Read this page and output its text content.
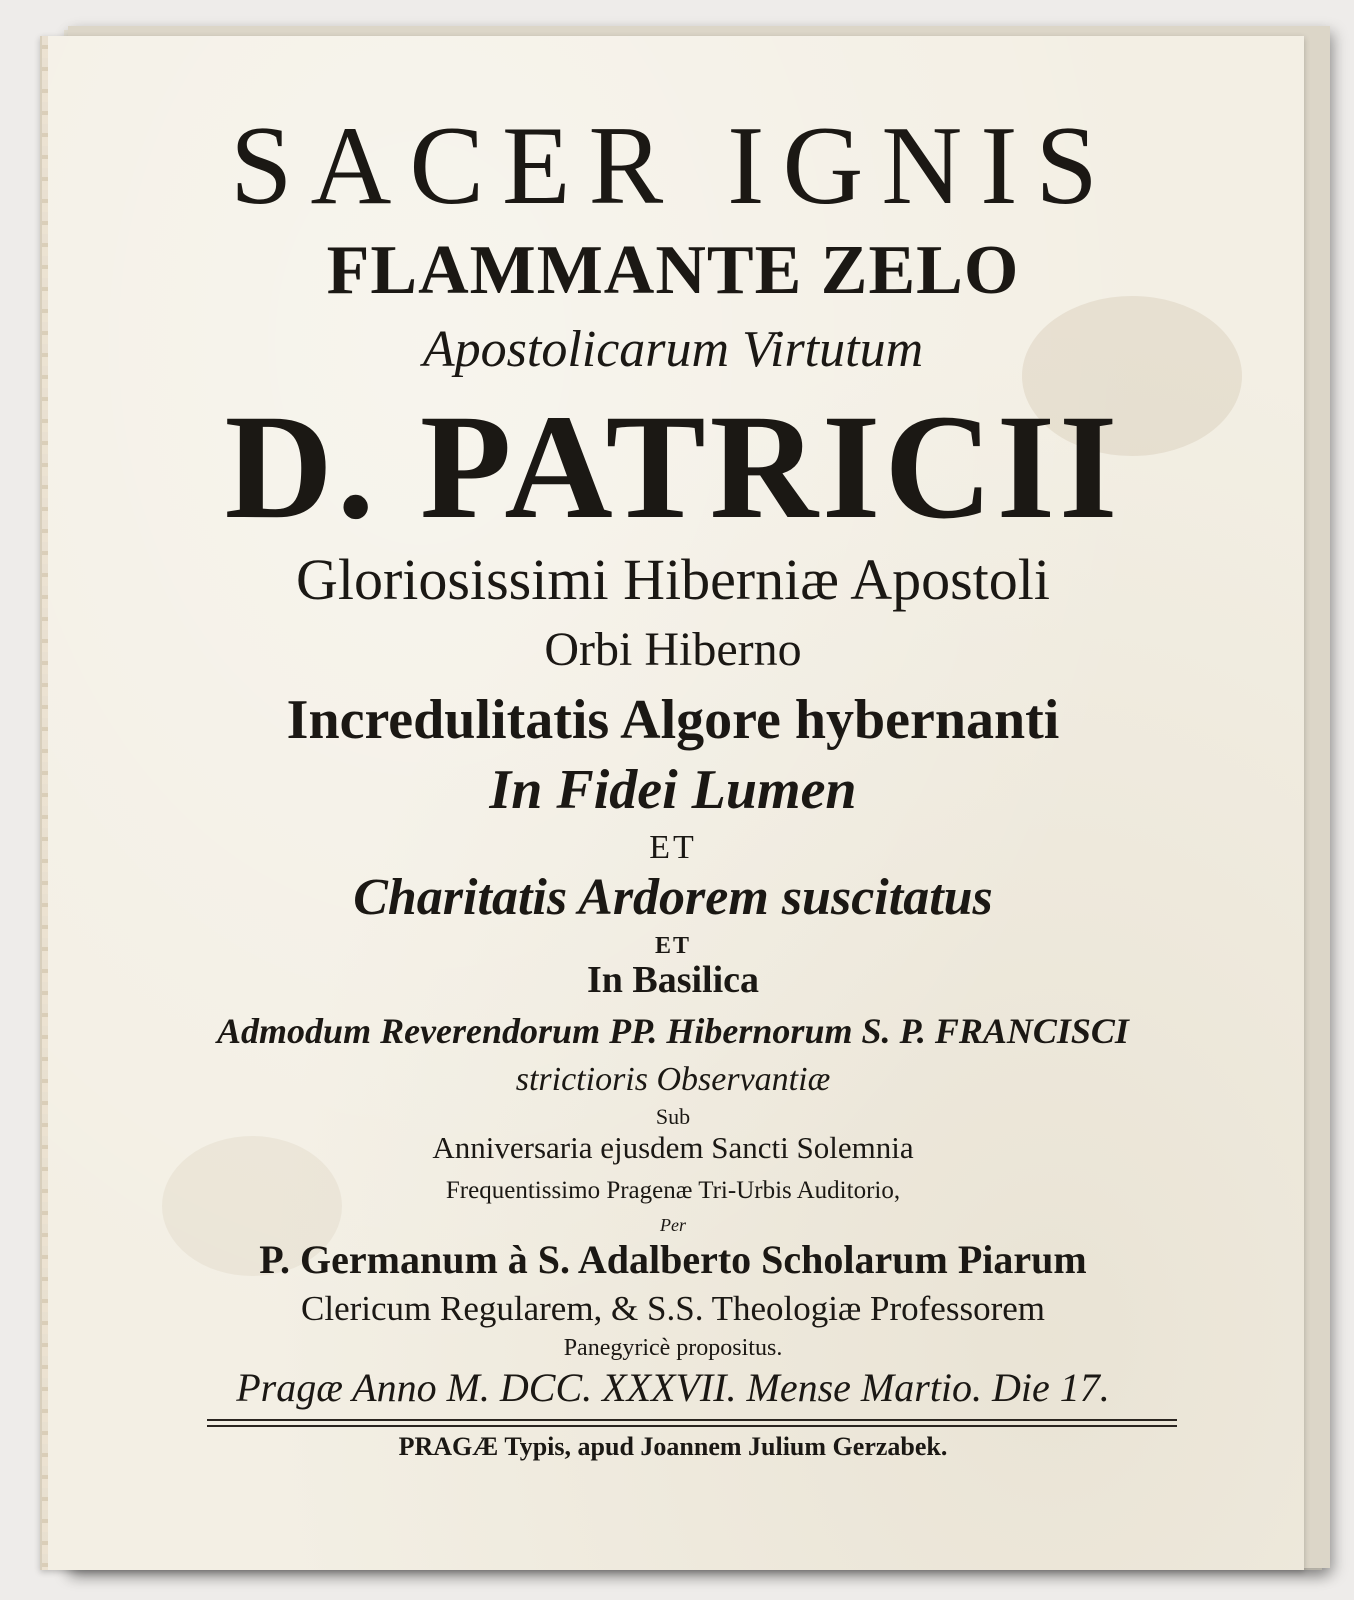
SACER IGNIS
FLAMMANTE ZELO
Apostolicarum Virtutum
D. PATRICII
Gloriosissimi Hiberniæ Apostoli
Orbi Hiberno
Incredulitatis Algore hybernanti
In Fidei Lumen
ET
Charitatis Ardorem suscitatus
ET
In Basilica
Admodum Reverendorum PP. Hibernorum S. P. FRANCISCI
strictioris Observantiæ
Sub
Anniversaria ejusdem Sancti Solemnia
Frequentissimo Pragenæ Tri-Urbis Auditorio,
Per
P. Germanum à S. Adalberto Scholarum Piarum
Clericum Regularem, & S.S. Theologiæ Professorem
Panegyricè propositus.
Pragæ Anno M. DCC. XXXVII. Mense Martio. Die 17.
PRAGÆ Typis, apud Joannem Julium Gerzabek.
